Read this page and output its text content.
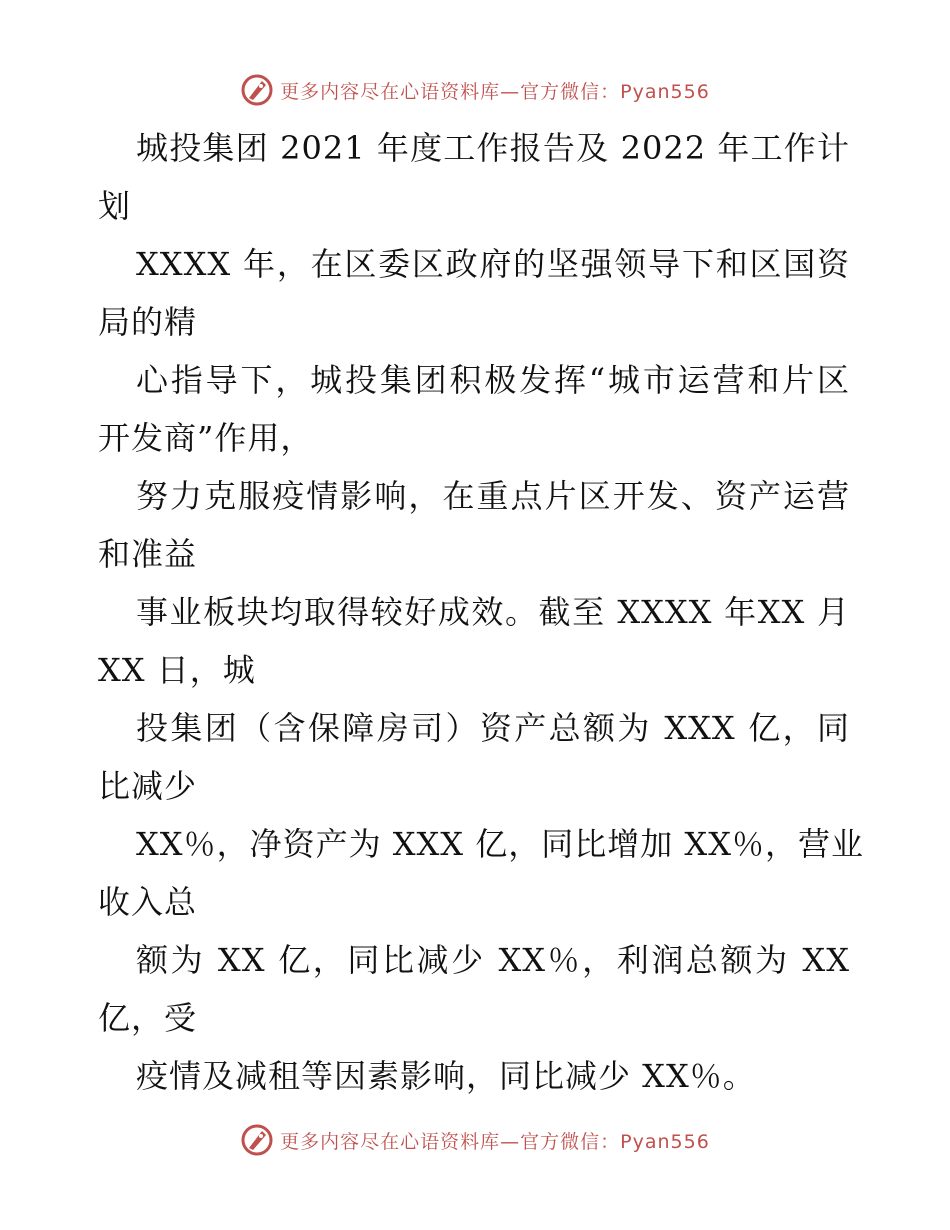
更多内容尽在心语资料库—官方微信：Pyan556
城投集团 2021 年度工作报告及 2022 年工作计
划
XXXX 年，在区委区政府的坚强领导下和区国资
局的精
心指导下，城投集团积极发挥“城市运营和片区
开发商”作用，
努力克服疫情影响，在重点片区开发、资产运营
和准益
事业板块均取得较好成效。截至 XXXX 年XX 月
XX 日，城
投集团（含保障房司）资产总额为 XXX 亿，同
比减少
XX％，净资产为 XXX 亿，同比增加 XX％，营业
收入总
额为 XX 亿，同比减少 XX％，利润总额为 XX
亿，受
疫情及减租等因素影响，同比减少 XX％。
更多内容尽在心语资料库—官方微信：Pyan556
